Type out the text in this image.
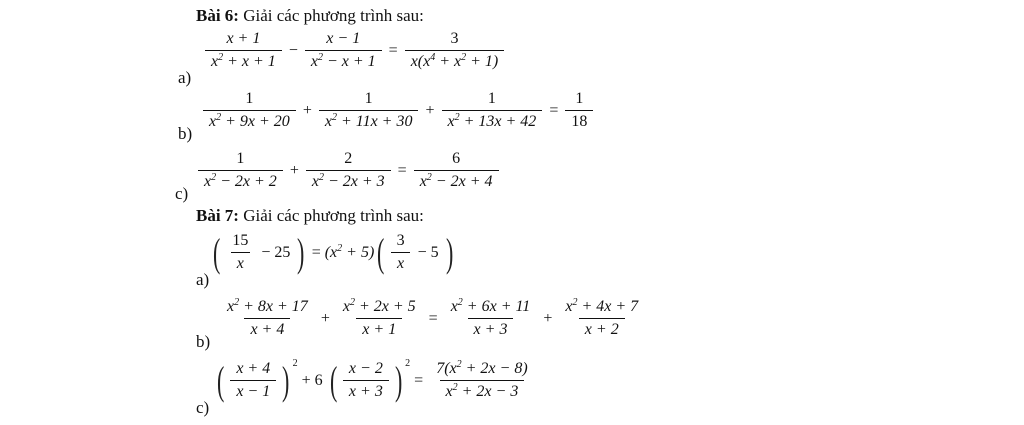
Bài 6: Giải các phương trình sau:
a)
$\frac{x + 1}{x^2 + x + 1} - \frac{x - 1}{x^2 - x + 1} = \frac{3}{x(x^4 + x^2 + 1)}$
b)
$\frac{1}{x^2 + 9x + 20} + \frac{1}{x^2 + 11x + 30} + \frac{1}{x^2 + 13x + 42} = \frac{1}{18}$
c)
$\frac{1}{x^2 - 2x + 2} + \frac{2}{x^2 - 2x + 3} = \frac{6}{x^2 - 2x + 4}$
Bài 7: Giải các phương trình sau:
a)
( $\frac{15}{x} - 25$ ) = $(x^2 + 5)$ ( $\frac{3}{x} - 5$ )
b)
$\frac{x^2 + 8x + 17}{x + 4} + \frac{x^2 + 2x + 5}{x + 1} = \frac{x^2 + 6x + 11}{x + 3} + \frac{x^2 + 4x + 7}{x + 2}$
c)
( $\frac{x + 4}{x - 1}$ ) 2
+ 6 ( $\frac{x - 2}{x + 3}$ ) 2
= $\frac{7(x^2 + 2x - 8)}{x^2 + 2x - 3}$
